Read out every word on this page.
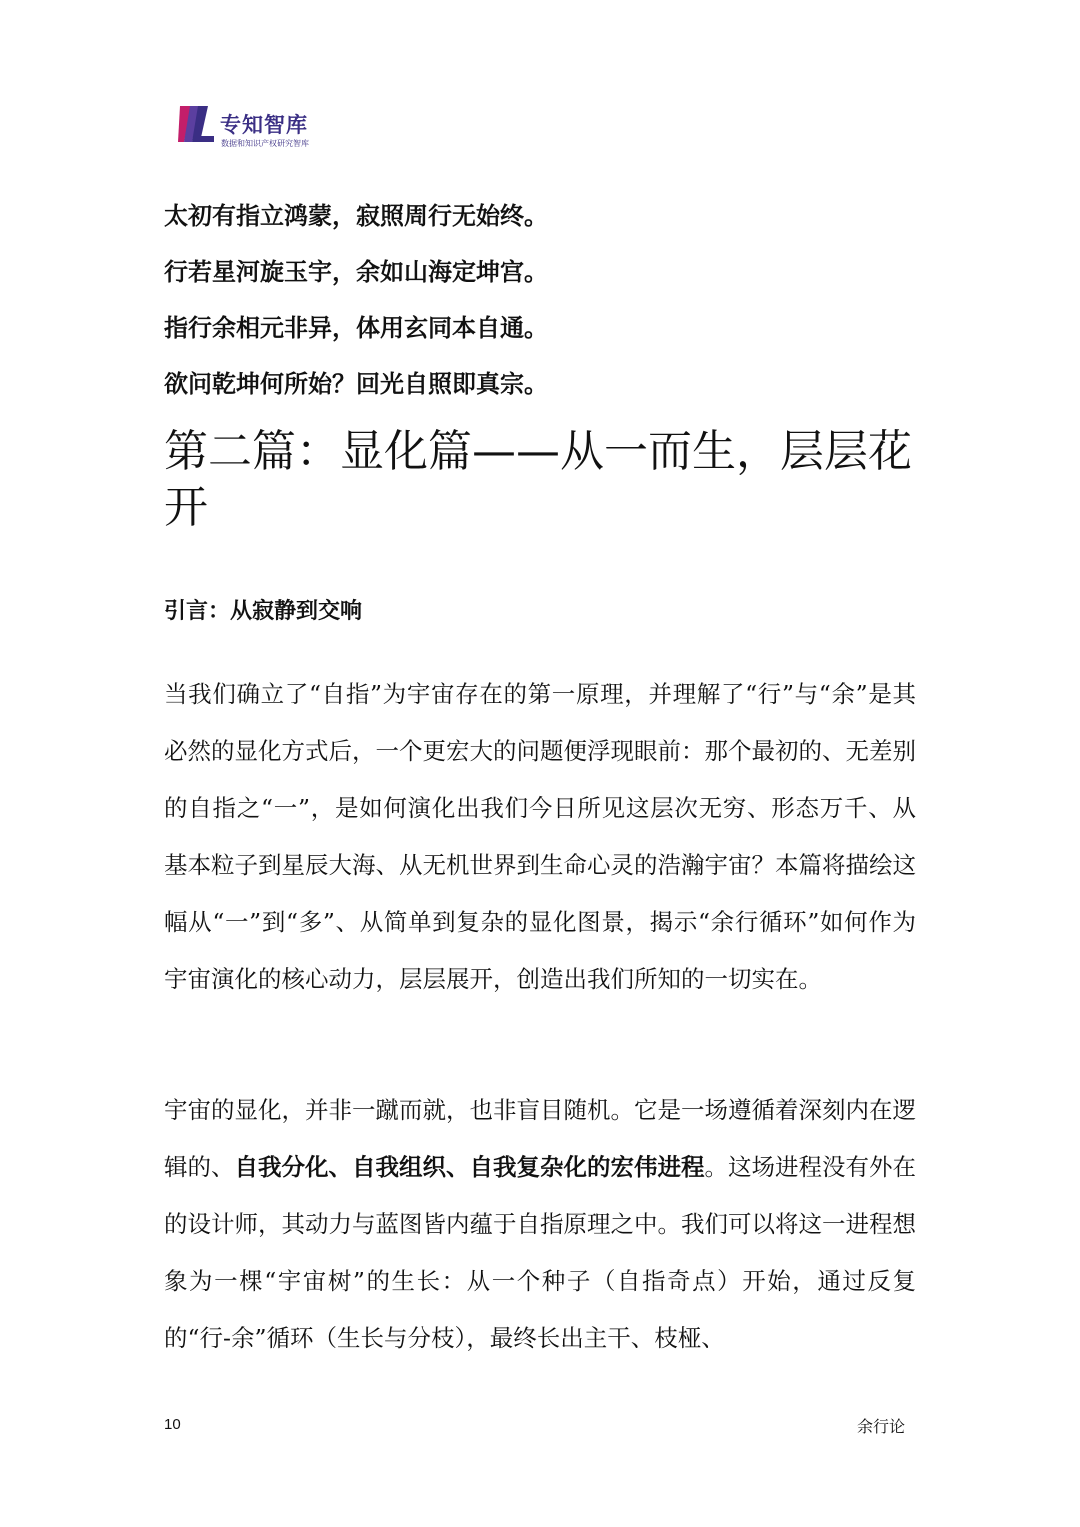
专知智库
数据和知识产权研究智库
太初有指立鸿蒙，寂照周行无始终。
行若星河旋玉宇，余如山海定坤宫。
指行余相元非异，体用玄同本自通。
欲问乾坤何所始？回光自照即真宗。
第二篇：显化篇——从一而生，层层花开
引言：从寂静到交响

当我们确立了“自指”为宇宙存在的第一原理，并理解了“行”与“余”是其必然的显化方式后，一个更宏大的问题便浮现眼前：那个最初的、无差别的自指之“一”，是如何演化出我们今日所见这层次无穷、形态万千、从基本粒子到星辰大海、从无机世界到生命心灵的浩瀚宇宙？本篇将描绘这幅从“一”到“多”、从简单到复杂的显化图景，揭示“余行循环”如何作为宇宙演化的核心动力，层层展开，创造出我们所知的一切实在。

宇宙的显化，并非一蹴而就，也非盲目随机。它是一场遵循着深刻内在逻辑的、自我分化、自我组织、自我复杂化的宏伟进程。这场进程没有外在的设计师，其动力与蓝图皆内蕴于自指原理之中。我们可以将这一进程想象为一棵“宇宙树”的生长：从一个种子（自指奇点）开始，通过反复的“行-余”循环（生长与分枝），最终长出主干、枝桠、

10	余行论
